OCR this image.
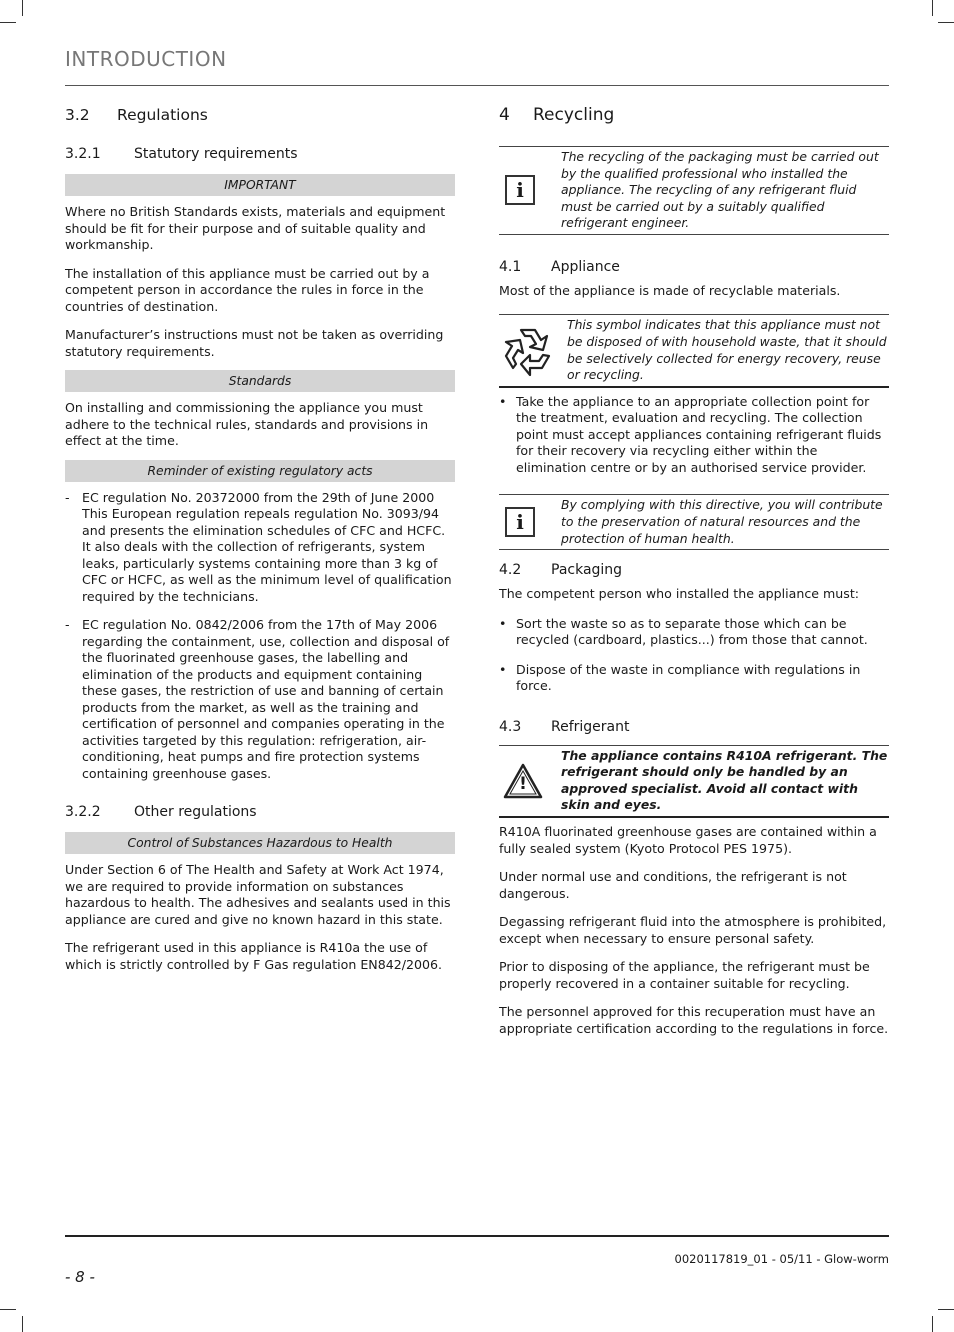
INTRODUCTION
3.2 Regulations
3.2.1 Statutory requirements
IMPORTANT

Where no British Standards exists, materials and equipment should be fit for their purpose and of suitable quality and workmanship.

The installation of this appliance must be carried out by a competent person in accordance the rules in force in the countries of destination.

Manufacturer’s instructions must not be taken as overriding statutory requirements.

Standards

On installing and commissioning the appliance you must adhere to the technical rules, standards and provisions in effect at the time.

Reminder of existing regulatory acts
- EC regulation No. 20372000 from the 29th of June 2000 This European regulation repeals regulation No. 3093/94 and presents the elimination schedules of CFC and HCFC. It also deals with the collection of refrigerants, system leaks, particularly systems containing more than 3 kg of CFC or HCFC, as well as the minimum level of qualification required by the technicians.

- EC regulation No. 0842/2006 from the 17th of May 2006 regarding the containment, use, collection and disposal of the fluorinated greenhouse gases, the labelling and elimination of the products and equipment containing these gases, the restriction of use and banning of certain products from the market, as well as the training and certification of personnel and companies operating in the activities targeted by this regulation: refrigeration, air-conditioning, heat pumps and fire protection systems containing greenhouse gases.

3.2.2 Other regulations
Control of Substances Hazardous to Health

Under Section 6 of The Health and Safety at Work Act 1974, we are required to provide information on substances hazardous to health. The adhesives and sealants used in this appliance are cured and give no known hazard in this state.

The refrigerant used in this appliance is R410a the use of which is strictly controlled by F Gas regulation EN842/2006.

4 Recycling
i
The recycling of the packaging must be carried out by the qualified professional who installed the appliance. The recycling of any refrigerant fluid must be carried out by a suitably qualified refrigerant engineer.
4.1 Appliance

Most of the appliance is made of recyclable materials.

This symbol indicates that this appliance must not be disposed of with household waste, that it should be selectively collected for energy recovery, reuse or recycling.
• Take the appliance to an appropriate collection point for the treatment, evaluation and recycling. The collection point must accept appliances containing refrigerant fluids for their recovery via recycling either within the elimination centre or by an authorised service provider.

i
By complying with this directive, you will contribute to the preservation of natural resources and the protection of human health.
4.2 Packaging

The competent person who installed the appliance must:

• Sort the waste so as to separate those which can be recycled (cardboard, plastics...) from those that cannot.

• Dispose of the waste in compliance with regulations in force.

4.3 Refrigerant
!
The appliance contains R410A refrigerant. The refrigerant should only be handled by an approved specialist. Avoid all contact with skin and eyes.

R410A fluorinated greenhouse gases are contained within a fully sealed system (Kyoto Protocol PES 1975).

Under normal use and conditions, the refrigerant is not dangerous.

Degassing refrigerant fluid into the atmosphere is prohibited, except when necessary to ensure personal safety.

Prior to disposing of the appliance, the refrigerant must be properly recovered in a container suitable for recycling.

The personnel approved for this recuperation must have an appropriate certification according to the regulations in force.

0020117819_01 - 05/11 - Glow-worm
- 8 -
